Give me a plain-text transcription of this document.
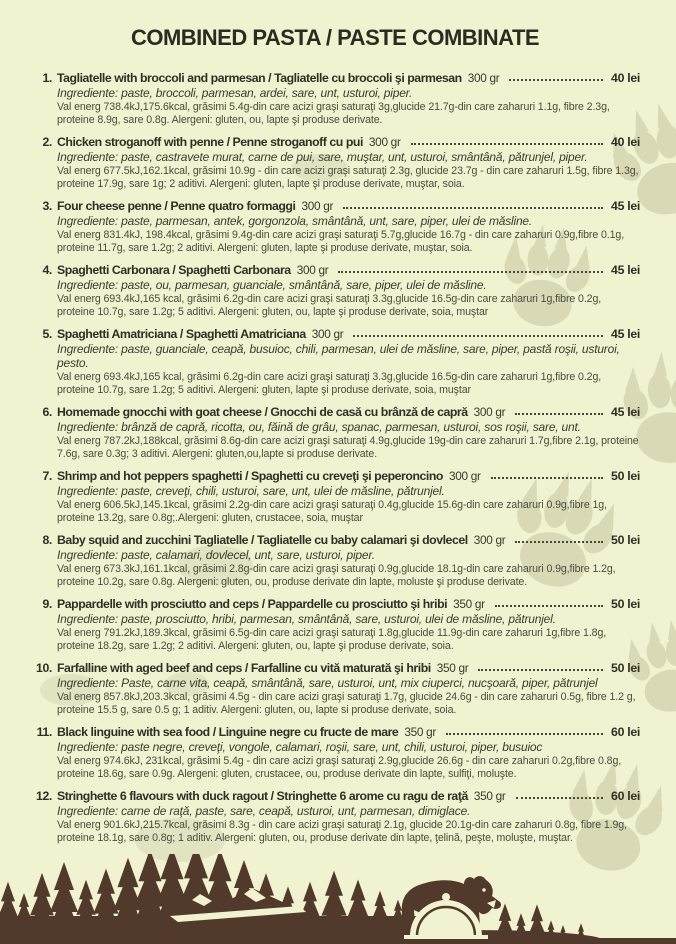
COMBINED PASTA / PASTE COMBINATE
1. Tagliatelle with broccoli and parmesan / Tagliatelle cu broccoli şi parmesan 300 gr	40 lei
Ingrediente: paste, broccoli, parmesan, ardei, sare, unt, usturoi, piper.
Val energ 738.4kJ,175.6kcal, grăsimi 5.4g-din care acizi graşi saturaţi 3g,glucide 21.7g-din care zaharuri 1.1g, fibre 2.3g, proteine 8.9g, sare 0.8g. Alergeni: gluten, ou, lapte şi produse derivate.
2. Chicken stroganoff with penne / Penne stroganoff cu pui 300 gr	40 lei
Ingrediente: paste, castravete murat, carne de pui, sare, muştar, unt, usturoi, smântână, pătrunjel, piper.
Val energ 677.5kJ,162.1kcal, grăsimi 10.9g - din care acizi graşi saturaţi 2.3g, glucide 23.7g - din care zaharuri 1.5g, fibre 1.3g, proteine 17.9g, sare 1g; 2 aditivi. Alergeni: gluten, lapte şi produse derivate, muştar, soia.
3. Four cheese penne / Penne quatro formaggi 300 gr	45 lei
Ingrediente: paste, parmesan, antek, gorgonzola, smântână, unt, sare, piper, ulei de măsline.
Val energ 831.4kJ, 198.4kcal, grăsimi 9.4g-din care acizi graşi saturaţi 5.7g,glucide 16.7g - din care zaharuri 0.9g,fibre 0.1g, proteine 11.7g, sare 1.2g; 2 aditivi. Alergeni: gluten, lapte şi produse derivate, muştar, soia.
4. Spaghetti Carbonara / Spaghetti Carbonara 300 gr	45 lei
Ingrediente: paste, ou, parmesan, guanciale, smântână, sare, piper, ulei de măsline.
Val energ 693.4kJ,165 kcal, grăsimi 6.2g-din care acizi graşi saturaţi 3.3g,glucide 16.5g-din care zaharuri 1g,fibre 0.2g, proteine 10.7g, sare 1.2g; 5 aditivi. Alergeni: gluten, ou, lapte şi produse derivate, soia, muştar
5. Spaghetti Amatriciana / Spaghetti Amatriciana 300 gr	45 lei
Ingrediente: paste, guanciale, ceapă, busuioc, chili, parmesan, ulei de măsline, sare, piper, pastă roşii, usturoi, pesto.
Val energ 693.4kJ,165 kcal, grăsimi 6.2g-din care acizi graşi saturaţi 3.3g,glucide 16.5g-din care zaharuri 1g,fibre 0.2g, proteine 10.7g, sare 1.2g; 5 aditivi. Alergeni: gluten, lapte şi produse derivate, soia, muştar
6. Homemade gnocchi with goat cheese / Gnocchi de casă cu brânză de capră 300 gr	45 lei
Ingrediente: brânză de capră, ricotta, ou, făină de grâu, spanac, parmesan, usturoi, sos roşii, sare, unt.
Val energ 787.2kJ,188kcal, grăsimi 8.6g-din care acizi graşi saturaţi 4.9g,glucide 19g-din care zaharuri 1.7g,fibre 2.1g, proteine 7.6g, sare 0.3g; 3 aditivi. Alergeni: gluten,ou,lapte si produse derivate.
7. Shrimp and hot peppers spaghetti / Spaghetti cu creveţi şi peperoncino 300 gr	50 lei
Ingrediente: paste, creveţi, chili, usturoi, sare, unt, ulei de măsline, pătrunjel.
Val energ 606.5kJ,145.1kcal, grăsimi 2.2g-din care acizi graşi saturaţi 0.4g,glucide 15.6g-din care zaharuri 0.9g,fibre 1g, proteine 13.2g, sare 0.8g;.Alergeni: gluten, crustacee, soia, muştar
8. Baby squid and zucchini Tagliatelle / Tagliatelle cu baby calamari şi dovlecel 300 gr	50 lei
Ingrediente: paste, calamari, dovlecel, unt, sare, usturoi, piper.
Val energ 673.3kJ,161.1kcal, grăsimi 2.8g-din care acizi graşi saturaţi 0.9g,glucide 18.1g-din care zaharuri 0.9g,fibre 1.2g, proteine 10.2g, sare 0.8g. Alergeni: gluten, ou, produse derivate din lapte, moluste şi produse derivate.
9. Pappardelle with prosciutto and ceps / Pappardelle cu prosciutto şi hribi 350 gr	50 lei
Ingrediente: paste, prosciutto, hribi, parmesan, smântână, sare, usturoi, ulei de măsline, pătrunjel.
Val energ 791.2kJ,189.3kcal, grăsimi 6.5g-din care acizi graşi saturaţi 1.8g,glucide 11.9g-din care zaharuri 1g,fibre 1.8g, proteine 18.2g, sare 1.2g; 2 aditivi. Alergeni: gluten, ou, lapte şi produse derivate, soia.
10. Farfalline with aged beef and ceps / Farfalline cu vită maturată şi hribi 350 gr	50 lei
Ingrediente: Paste, carne vita, ceapă, smântână, sare, usturoi, unt, mix ciuperci, nucşoară, piper, pătrunjel
Val energ 857.8kJ,203.3kcal, grăsimi 4.5g - din care acizi graşi saturaţi 1.7g, glucide 24.6g - din care zaharuri 0.5g, fibre 1.2 g, proteine 15.5 g, sare 0.5 g; 1 aditiv. Alergeni: gluten, ou, lapte si produse derivate, soia.
11. Black linguine with sea food / Linguine negre cu fructe de mare 350 gr	60 lei
Ingrediente: paste negre, creveţi, vongole, calamari, roşii, sare, unt, chili, usturoi, piper, busuioc
Val energ 974.6kJ, 231kcal, grăsimi 5.4g - din care acizi graşi saturaţi 2.9g,glucide 26.6g - din care zaharuri 0.2g,fibre 0.8g, proteine 18.6g, sare 0.9g. Alergeni: gluten, crustacee, ou, produse derivate din lapte, sulfiţi, moluşte.
12. Stringhette 6 flavours with duck ragout / Stringhette 6 arome cu ragu de raţă 350 gr	60 lei
Ingrediente: carne de raţă, paste, sare, ceapă, usturoi, unt, parmesan, dimiglace.
Val energ 901.6kJ,215.7kcal, grăsimi 8.3g - din care acizi graşi saturaţi 2.1g, glucide 20.1g-din care zaharuri 0.8g, fibre 1.9g, proteine 18.1g, sare 0.8g; 1 aditiv. Alergeni: gluten, ou, produse derivate din lapte, ţelină, peşte, moluşte, muştar.
